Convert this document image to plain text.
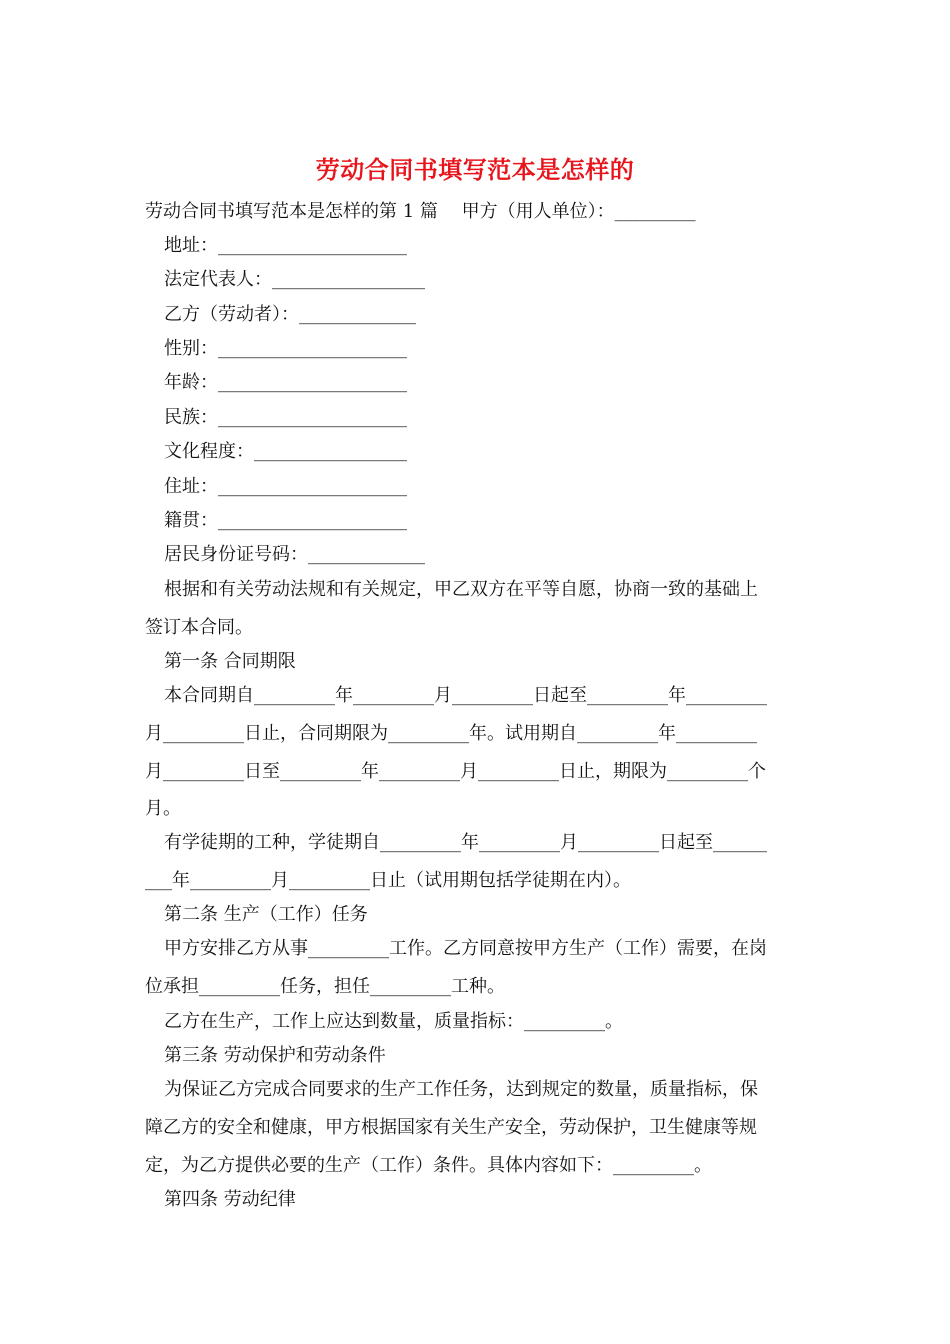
劳动合同书填写范本是怎样的
劳动合同书填写范本是怎样的第 1 篇　 甲方（用人单位）：_________
地址：_____________________
法定代表人：_________________
乙方（劳动者）：_____________
性别：_____________________
年龄：_____________________
民族：_____________________
文化程度：_________________
住址：_____________________
籍贯：_____________________
居民身份证号码：_____________
根据和有关劳动法规和有关规定，甲乙双方在平等自愿，协商一致的基础上
签订本合同。
第一条 合同期限
本合同期自_________年_________月_________日起至_________年_________
月_________日止，合同期限为_________年。试用期自_________年_________
月_________日至_________年_________月_________日止，期限为_________个
月。
有学徒期的工种，学徒期自_________年_________月_________日起至______
___年_________月_________日止（试用期包括学徒期在内）。
第二条 生产（工作）任务
甲方安排乙方从事_________工作。乙方同意按甲方生产（工作）需要，在岗
位承担_________任务，担任_________工种。
乙方在生产，工作上应达到数量，质量指标：_________。
第三条 劳动保护和劳动条件
为保证乙方完成合同要求的生产工作任务，达到规定的数量，质量指标，保
障乙方的安全和健康，甲方根据国家有关生产安全，劳动保护，卫生健康等规
定，为乙方提供必要的生产（工作）条件。具体内容如下：_________。
第四条 劳动纪律
